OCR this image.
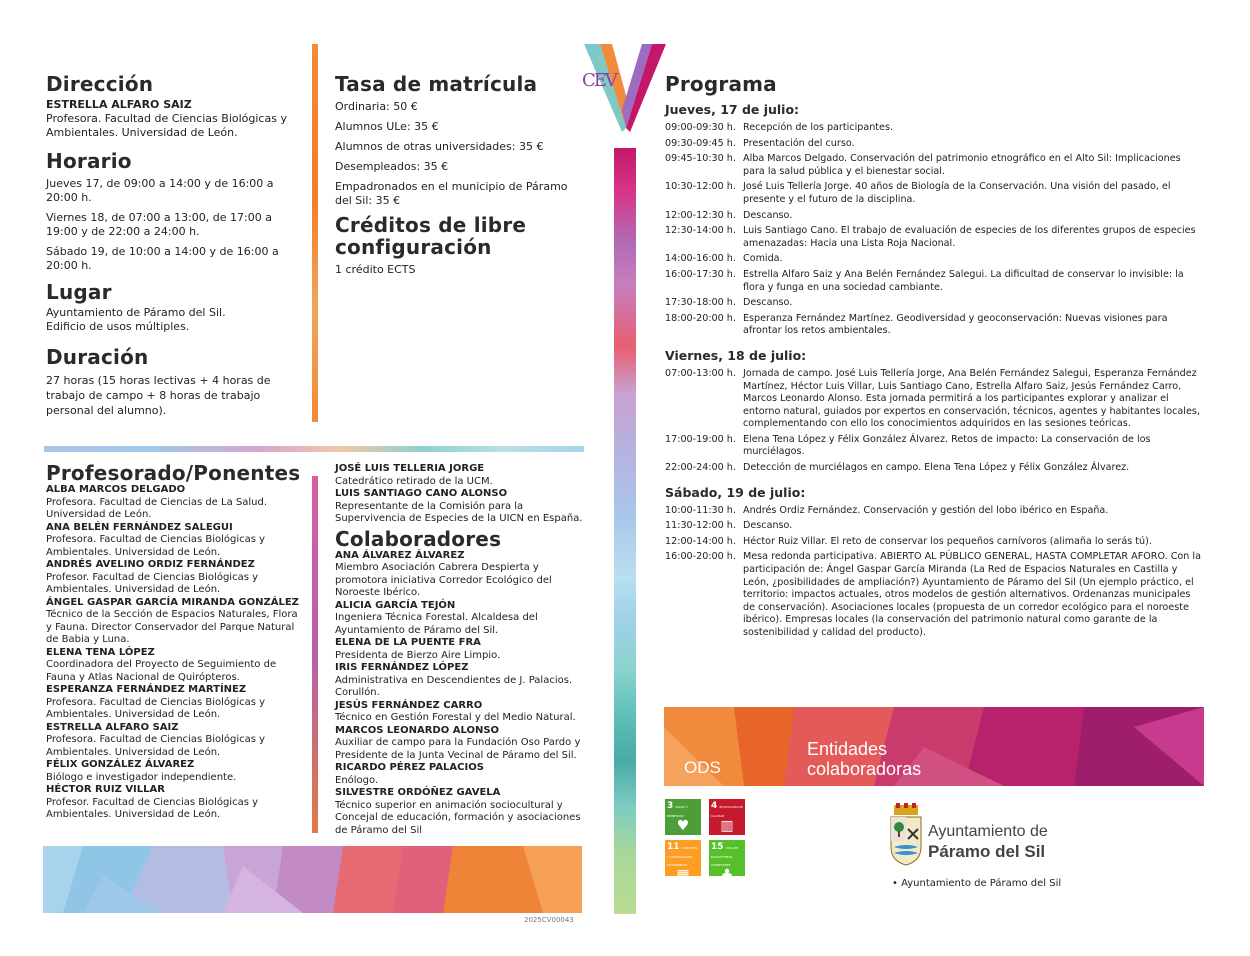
CEV
Dirección
ESTRELLA ALFARO SAIZ
Profesora. Facultad de Ciencias Biológicas y Ambientales. Universidad de León.
Horario
Jueves 17, de 09:00 a 14:00 y de 16:00 a 20:00 h.
Viernes 18, de 07:00 a 13:00, de 17:00 a 19:00 y de 22:00 a 24:00 h.
Sábado 19, de 10:00 a 14:00 y de 16:00 a 20:00 h.
Lugar
Ayuntamiento de Páramo del Sil.
Edificio de usos múltiples.
Duración
27 horas (15 horas lectivas + 4 horas de trabajo de campo + 8 horas de trabajo personal del alumno).
Tasa de matrícula
Ordinaria: 50 €
Alumnos ULe: 35 €
Alumnos de otras universidades: 35 €
Desempleados: 35 €
Empadronados en el municipio de Páramo del Sil: 35 €
Créditos de libre configuración
1 crédito ECTS
Profesorado/Ponentes
ALBA MARCOS DELGADO
Profesora. Facultad de Ciencias de La Salud. Universidad de León.
ANA BELÉN FERNÁNDEZ SALEGUI
Profesora. Facultad de Ciencias Biológicas y Ambientales. Universidad de León.
ANDRÉS AVELINO ORDIZ FERNÁNDEZ
Profesor. Facultad de Ciencias Biológicas y Ambientales. Universidad de León.
ÁNGEL GASPAR GARCÍA MIRANDA GONZÁLEZ
Técnico de la Sección de Espacios Naturales, Flora y Fauna. Director Conservador del Parque Natural de Babia y Luna.
ELENA TENA LÓPEZ
Coordinadora del Proyecto de Seguimiento de Fauna y Atlas Nacional de Quirópteros.
ESPERANZA FERNÁNDEZ MARTÍNEZ
Profesora. Facultad de Ciencias Biológicas y Ambientales. Universidad de León.
ESTRELLA ALFARO SAIZ
Profesora. Facultad de Ciencias Biológicas y Ambientales. Universidad de León.
FÉLIX GONZÁLEZ ÁLVAREZ
Biólogo e investigador independiente.
HÉCTOR RUIZ VILLAR
Profesor. Facultad de Ciencias Biológicas y Ambientales. Universidad de León.
JOSÉ LUIS TELLERIA JORGE
Catedrático retirado de la UCM.
LUIS SANTIAGO CANO ALONSO
Representante de la Comisión para la Supervivencia de Especies de la UICN en España.
Colaboradores
ANA ÁLVAREZ ÁLVAREZ
Miembro Asociación Cabrera Despierta y promotora iniciativa Corredor Ecológico del Noroeste Ibérico.
ALICIA GARCÍA TEJÓN
Ingeniera Técnica Forestal. Alcaldesa del Ayuntamiento de Páramo del Sil.
ELENA DE LA PUENTE FRA
Presidenta de Bierzo Aire Limpio.
IRIS FERNÁNDEZ LÓPEZ
Administrativa en Descendientes de J. Palacios. Corullón.
JESÚS FERNÁNDEZ CARRO
Técnico en Gestión Forestal y del Medio Natural.
MARCOS LEONARDO ALONSO
Auxiliar de campo para la Fundación Oso Pardo y Presidente de la Junta Vecinal de Páramo del Sil.
RICARDO PÉREZ PALACIOS
Enólogo.
SILVESTRE ORDÓÑEZ GAVELA
Técnico superior en animación sociocultural y Concejal de educación, formación y asociaciones de Páramo del Sil
2025CV00043
Programa
Jueves, 17 de julio:
09:00-09:30 h. Recepción de los participantes.
09:30-09:45 h. Presentación del curso.
09:45-10:30 h. Alba Marcos Delgado. Conservación del patrimonio etnográfico en el Alto Sil: Implicaciones para la salud pública y el bienestar social.
10:30-12:00 h. José Luis Tellería Jorge. 40 años de Biología de la Conservación. Una visión del pasado, el presente y el futuro de la disciplina.
12:00-12:30 h. Descanso.
12:30-14:00 h. Luis Santiago Cano. El trabajo de evaluación de especies de los diferentes grupos de especies amenazadas: Hacia una Lista Roja Nacional.
14:00-16:00 h. Comida.
16:00-17:30 h. Estrella Alfaro Saiz y Ana Belén Fernández Salegui. La dificultad de conservar lo invisible: la flora y funga en una sociedad cambiante.
17:30-18:00 h. Descanso.
18:00-20:00 h. Esperanza Fernández Martínez. Geodiversidad y geoconservación: Nuevas visiones para afrontar los retos ambientales.
Viernes, 18 de julio:
07:00-13:00 h. Jornada de campo. José Luis Tellería Jorge, Ana Belén Fernández Salegui, Esperanza Fernández Martínez, Héctor Luis Villar, Luis Santiago Cano, Estrella Alfaro Saiz, Jesús Fernández Carro, Marcos Leonardo Alonso. Esta jornada permitirá a los participantes explorar y analizar el entorno natural, guiados por expertos en conservación, técnicos, agentes y habitantes locales, complementando con ello los conocimientos adquiridos en las sesiones teóricas.
17:00-19:00 h. Elena Tena López y Félix González Álvarez. Retos de impacto: La conservación de los murciélagos.
22:00-24:00 h. Detección de murciélagos en campo. Elena Tena López y Félix González Álvarez.
Sábado, 19 de julio:
10:00-11:30 h. Andrés Ordiz Fernández. Conservación y gestión del lobo ibérico en España.
11:30-12:00 h. Descanso.
12:00-14:00 h. Héctor Ruiz Villar. El reto de conservar los pequeños carnívoros (alimaña lo serás tú).
16:00-20:00 h. Mesa redonda participativa. ABIERTO AL PÚBLICO GENERAL, HASTA COMPLETAR AFORO. Con la participación de: Ángel Gaspar García Miranda (La Red de Espacios Naturales en Castilla y León, ¿posibilidades de ampliación?) Ayuntamiento de Páramo del Sil (Un ejemplo práctico, el territorio: impactos actuales, otros modelos de gestión alternativos. Ordenanzas municipales de conservación). Asociaciones locales (propuesta de un corredor ecológico para el noroeste ibérico). Empresas locales (la conservación del patrimonio natural como garante de la sostenibilidad y calidad del producto).
ODS
Entidades colaboradoras
3 SALUD Y BIENESTAR
♥
4 EDUCACIÓN DE CALIDAD
▥
11 CIUDADES Y COMUNIDADES SOSTENIBLES
▦
15 VIDA DE ECOSISTEMAS TERRESTRES
♣
Ayuntamiento de
Páramo del Sil
• Ayuntamiento de Páramo del Sil
